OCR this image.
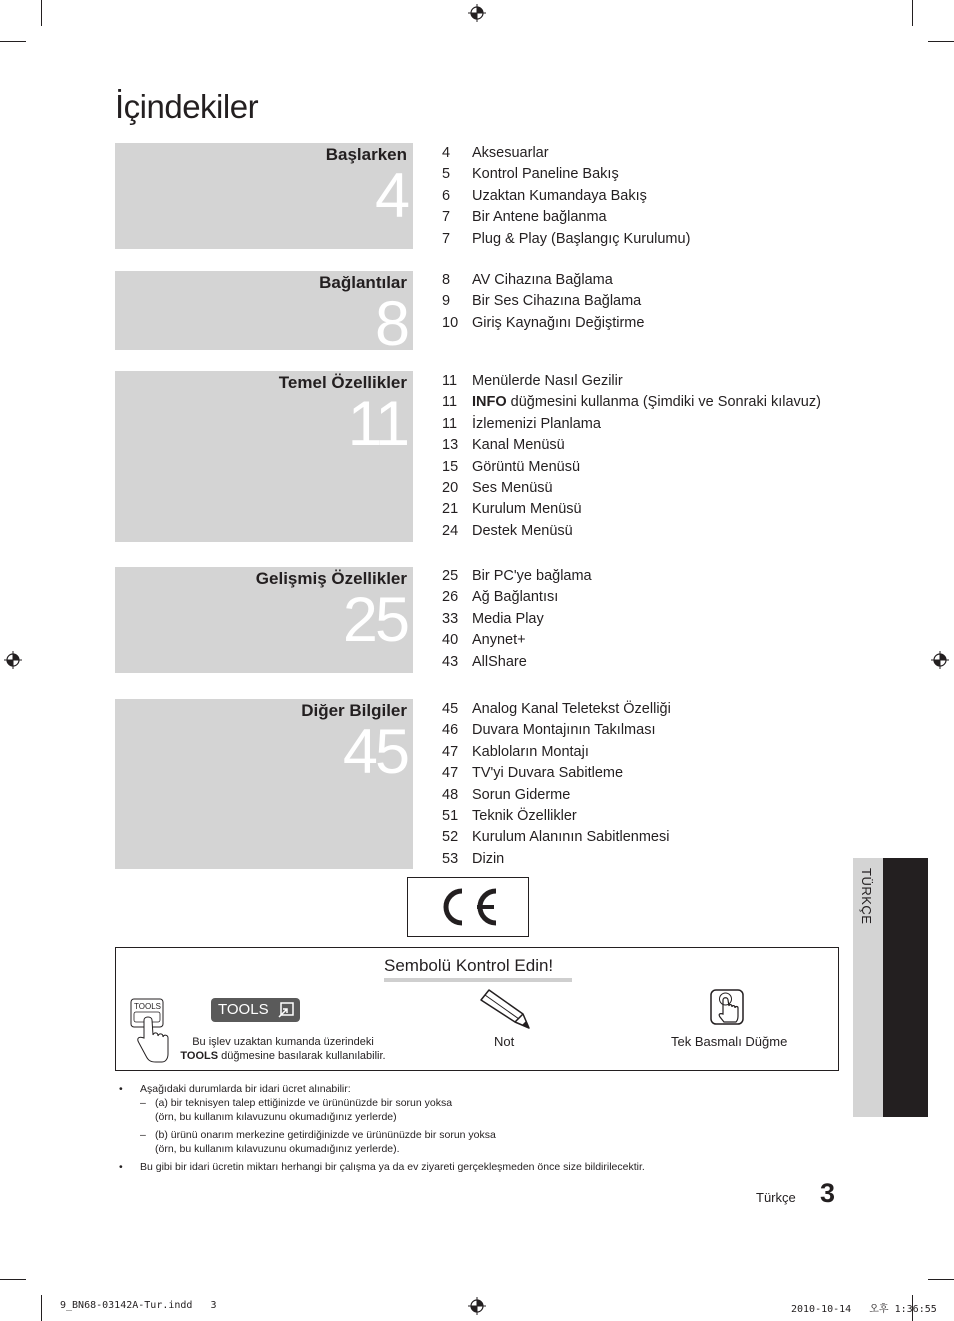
İçindekiler
Başlarken
4
4	Aksesuarlar
5	Kontrol Paneline Bakış
6	Uzaktan Kumandaya Bakış
7	Bir Antene bağlanma
7	Plug & Play (Başlangıç Kurulumu)
Bağlantılar
8
8	AV Cihazına Bağlama
9	Bir Ses Cihazına Bağlama
10 Giriş Kaynağını Değiştirme
Temel Özellikler
11
11	Menülerde Nasıl Gezilir
11	INFO düğmesini kullanma (Şimdiki ve Sonraki kılavuz)
11	İzlemenizi Planlama
13 Kanal Menüsü
15 Görüntü Menüsü
20 Ses Menüsü
21 Kurulum Menüsü
24 Destek Menüsü
Gelişmiş Özellikler
25
25 Bir PC'ye bağlama
26 Ağ Bağlantısı
33 Media Play
40 Anynet+
43 AllShare
Diğer Bilgiler
45
45 Analog Kanal Teletekst Özelliği
46 Duvara Montajının Takılması
47 Kabloların Montajı
47 TV'yi Duvara Sabitleme
48 Sorun Giderme
51 Teknik Özellikler
52 Kurulum Alanının Sabitlenmesi
53 Dizin
Sembolü Kontrol Edin!
TOOLS	TOOLS
Bu işlev uzaktan kumanda üzerindeki
TOOLS düğmesine basılarak kullanılabilir.
Not	Tek Basmalı Düğme
• Aşağıdaki durumlarda bir idari ücret alınabilir:
– (a) bir teknisyen talep ettiğinizde ve ürününüzde bir sorun yoksa
(örn, bu kullanım kılavuzunu okumadığınız yerlerde)
– (b) ürünü onarım merkezine getirdiğinizde ve ürününüzde bir sorun yoksa
(örn, bu kullanım kılavuzunu okumadığınız yerlerde).
• Bu gibi bir idari ücretin miktarı herhangi bir çalışma ya da ev ziyareti gerçekleşmeden önce size bildirilecektir.
TÜRKÇE
Türkçe 3
9_BN68-03142A-Tur.indd   3	2010-10-14   오후 1:36:55
